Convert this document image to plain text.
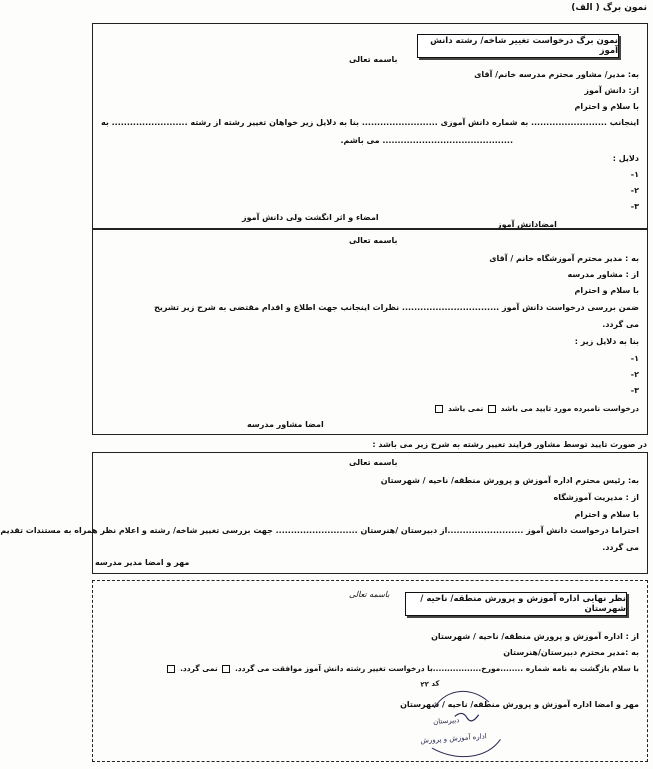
نمون برگ ( الف)
نمون برگ درخواست تغییر شاخه/ رشته دانش آموز
باسمه تعالی
به: مدیر/ مشاور محترم مدرسه خانم/ آقای
از: دانش آموز
با سلام و احترام
اینجانب ......................... به شماره دانش آموزی ......................... بنا به دلایل زیر خواهان تغییر رشته از رشته ......................... به
........................................... می باشم.
دلایل :
۱-
۲-
۳-
امضادانش آموز
امضاء و اثر انگشت ولی دانش آموز
باسمه تعالی
به : مدیر محترم آموزشگاه خانم / آقای
از : مشاور مدرسه
با سلام و احترام
ضمن بررسی درخواست دانش آموز ................................ نظرات اینجانب جهت اطلاع و اقدام مقتضی به شرح زیر تشریح
می گردد.
بنا به دلایل زیر :
۱-
۲-
۳-
درخواست نامبرده مورد تایید می باشد  نمی باشد
امضا مشاور مدرسه
در صورت تایید توسط مشاور فرایند تغییر رشته به شرح زیر می باشد :
باسمه تعالی
به: رئیس محترم اداره آموزش و پرورش منطقه/ ناحیه / شهرستان
از : مدیریت آموزشگاه
با سلام و احترام
احتراما درخواست دانش آموز .........................از دبیرستان /هنرستان ........................... جهت بررسی تغییر شاخه/ رشته و اعلام نظر همراه به مستندات تقدیم
می گردد.
مهر و امضا مدیر مدرسه
نظر نهایی اداره آموزش و پرورش منطقه/ ناحیه / شهرستان
باسمه تعالی
از : اداره آموزش و پرورش منطقه/ ناحیه / شهرستان
به :مدیر محترم دبیرستان/هنرستان
با سلام بازگشت به نامه شماره ........مورخ.................با درخواست تغییر رشته دانش آموز موافقت می گردد.  نمی گردد.
مهر و امضا اداره آموزش و پرورش منطقه/ ناحیه / شهرستان
کد ۲۲
دبیرستان
اداره آموزش و پرورش
